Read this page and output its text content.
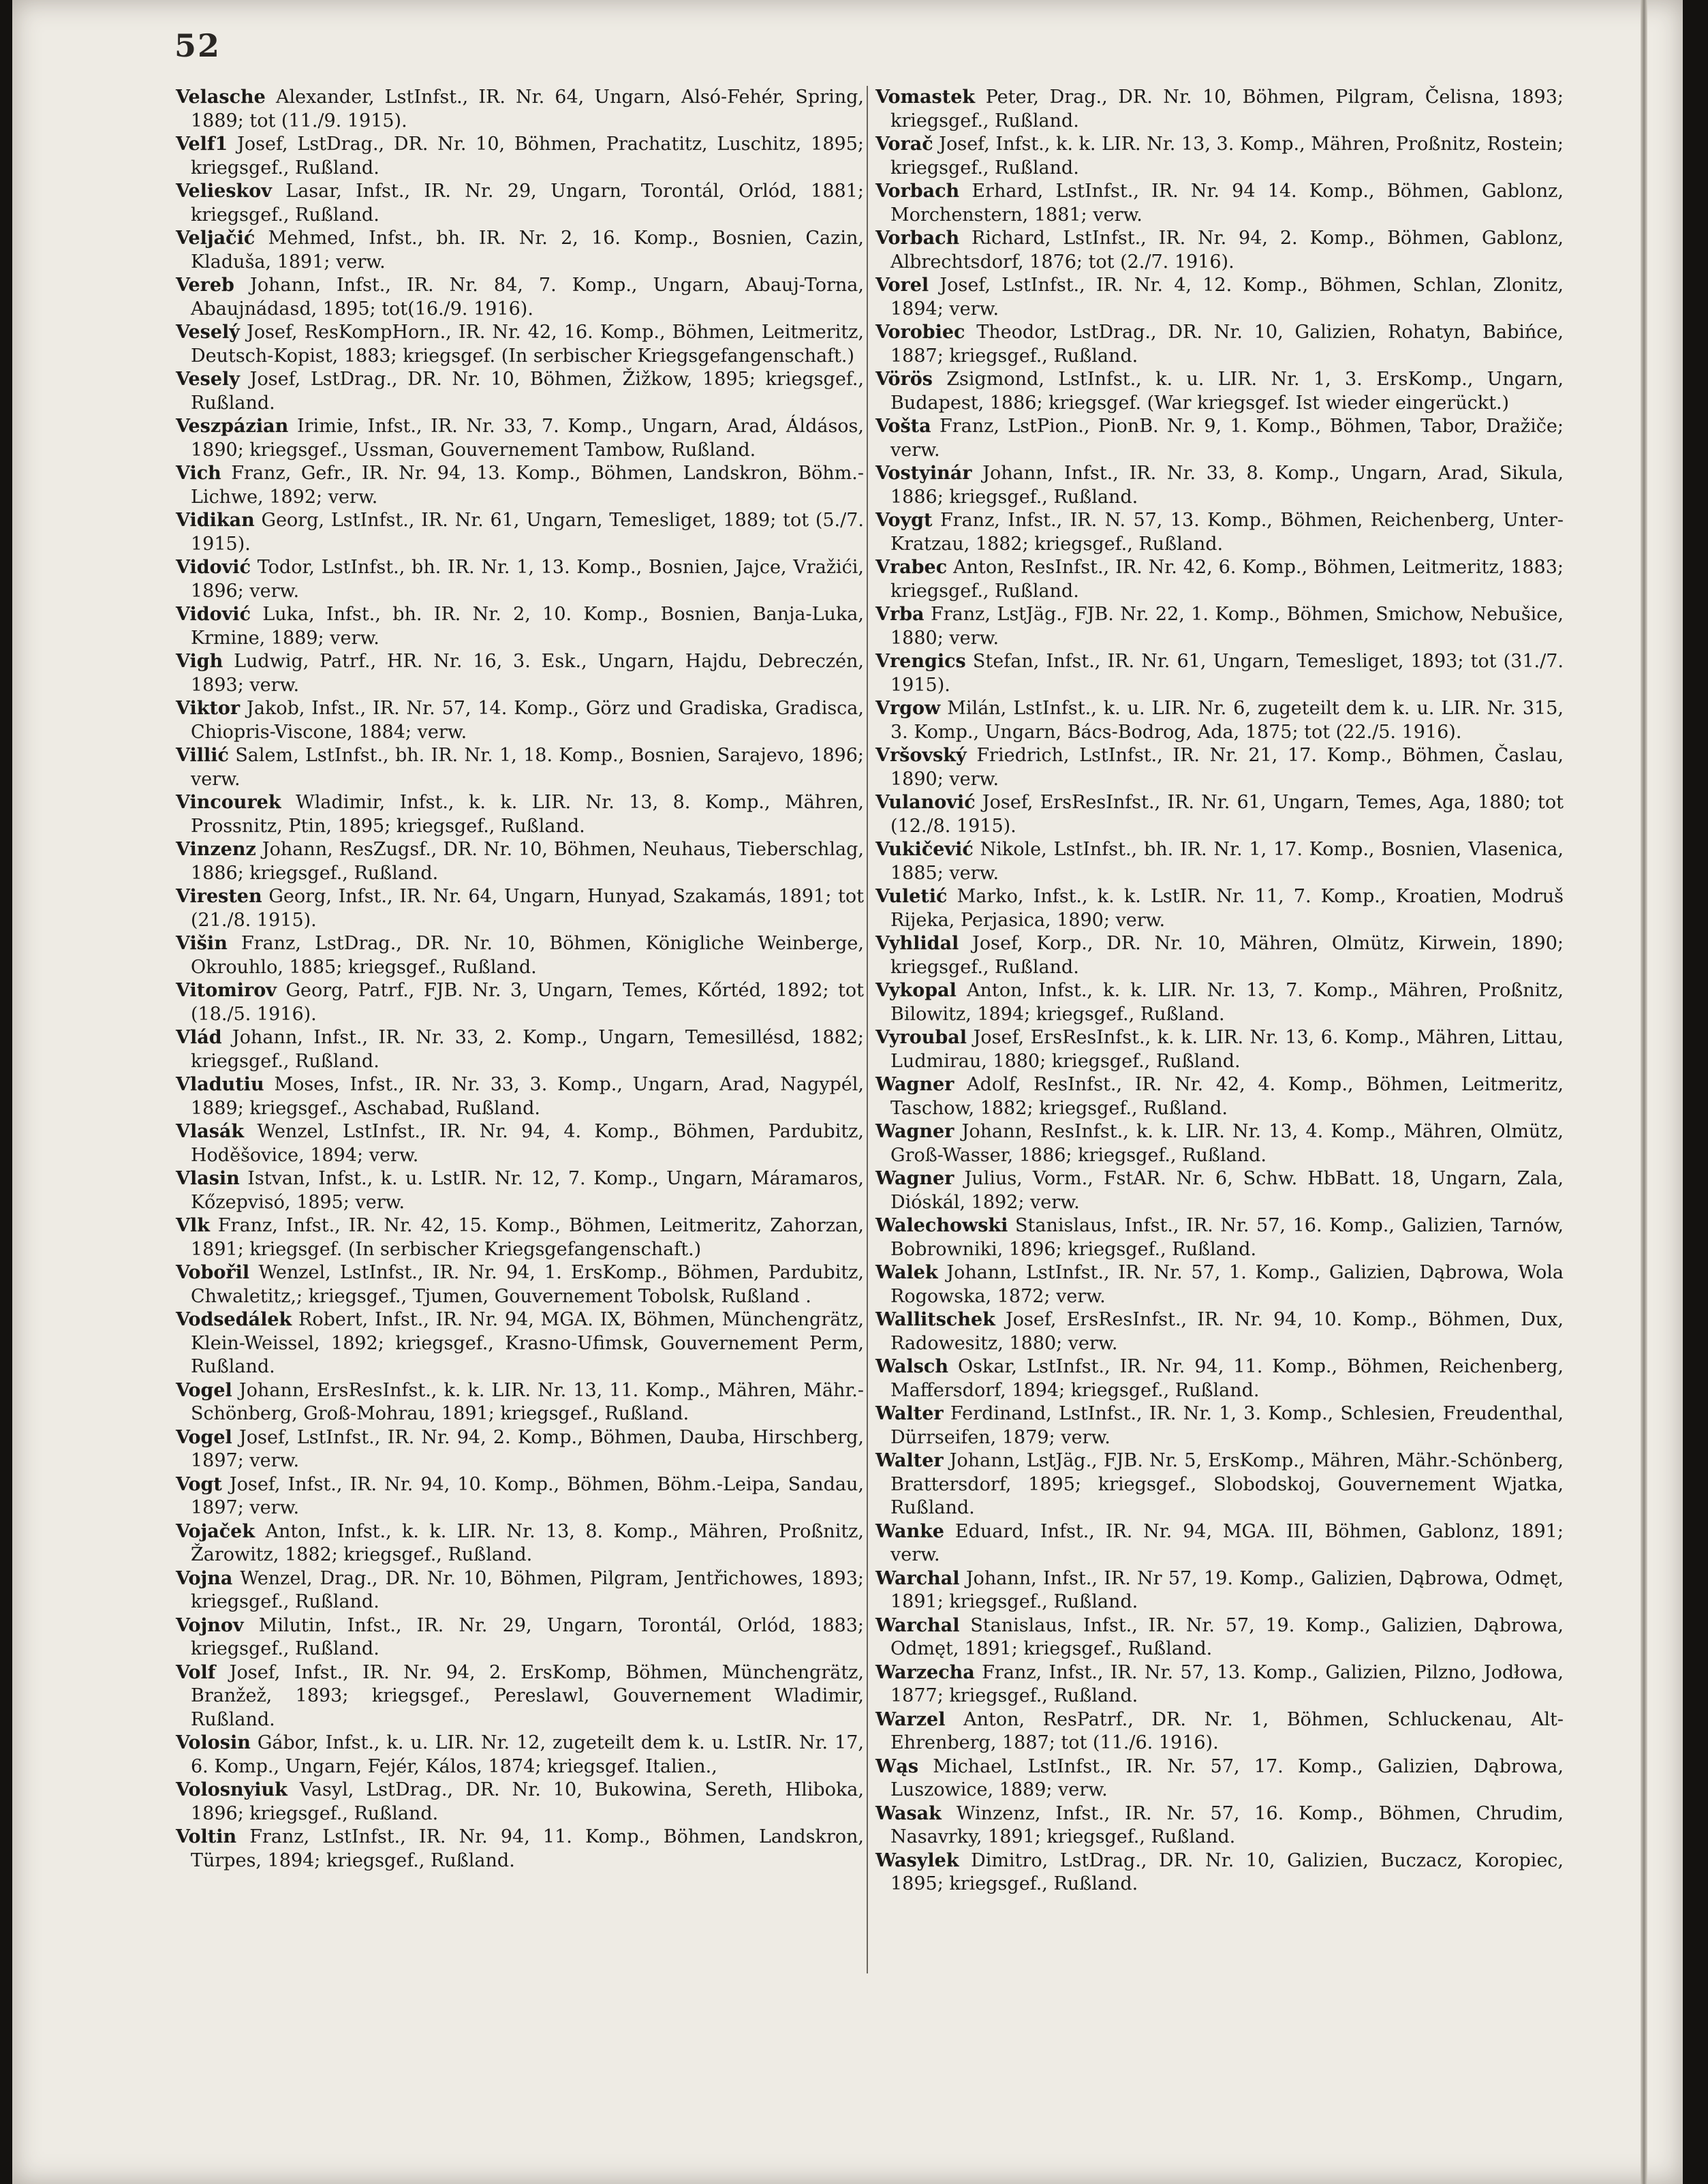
52

Velasche Alexander, LstInfst., IR. Nr. 64, Ungarn, Alsó-Fehér, Spring, 1889; tot (11./9. 1915).

Velf1 Josef, LstDrag., DR. Nr. 10, Böhmen, Prachatitz, Luschitz, 1895; kriegsgef., Rußland.

Velieskov Lasar, Infst., IR. Nr. 29, Ungarn, Torontál, Orlód, 1881; kriegsgef., Rußland.

Veljačić Mehmed, Infst., bh. IR. Nr. 2, 16. Komp., Bosnien, Cazin, Kladuša, 1891; verw.

Vereb Johann, Infst., IR. Nr. 84, 7. Komp., Ungarn, Abauj-Torna, Abaujnádasd, 1895; tot(16./9. 1916).

Veselý Josef, ResKompHorn., IR. Nr. 42, 16. Komp., Böhmen, Leitmeritz, Deutsch-Kopist, 1883; kriegsgef. (In serbischer Kriegsgefangenschaft.)

Vesely Josef, LstDrag., DR. Nr. 10, Böhmen, Žižkow, 1895; kriegsgef., Rußland.

Veszpázian Irimie, Infst., IR. Nr. 33, 7. Komp., Ungarn, Arad, Áldásos, 1890; kriegsgef., Ussman, Gouvernement Tambow, Rußland.

Vich Franz, Gefr., IR. Nr. 94, 13. Komp., Böhmen, Landskron, Böhm.-Lichwe, 1892; verw.

Vidikan Georg, LstInfst., IR. Nr. 61, Ungarn, Temesliget, 1889; tot (5./7. 1915).

Vidović Todor, LstInfst., bh. IR. Nr. 1, 13. Komp., Bosnien, Jajce, Vražići, 1896; verw.

Vidović Luka, Infst., bh. IR. Nr. 2, 10. Komp., Bosnien, Banja-Luka, Krmine, 1889; verw.

Vigh Ludwig, Patrf., HR. Nr. 16, 3. Esk., Ungarn, Hajdu, Debreczén, 1893; verw.

Viktor Jakob, Infst., IR. Nr. 57, 14. Komp., Görz und Gradiska, Gradisca, Chiopris-Viscone, 1884; verw.

Villić Salem, LstInfst., bh. IR. Nr. 1, 18. Komp., Bosnien, Sarajevo, 1896; verw.

Vincourek Wladimir, Infst., k. k. LIR. Nr. 13, 8. Komp., Mähren, Prossnitz, Ptin, 1895; kriegsgef., Rußland.

Vinzenz Johann, ResZugsf., DR. Nr. 10, Böhmen, Neuhaus, Tieberschlag, 1886; kriegsgef., Rußland.

Viresten Georg, Infst., IR. Nr. 64, Ungarn, Hunyad, Szakamás, 1891; tot (21./8. 1915).

Višin Franz, LstDrag., DR. Nr. 10, Böhmen, Königliche Weinberge, Okrouhlo, 1885; kriegsgef., Rußland.

Vitomirov Georg, Patrf., FJB. Nr. 3, Ungarn, Temes, Kőrtéd, 1892; tot (18./5. 1916).

Vlád Johann, Infst., IR. Nr. 33, 2. Komp., Ungarn, Temesillésd, 1882; kriegsgef., Rußland.

Vladutiu Moses, Infst., IR. Nr. 33, 3. Komp., Ungarn, Arad, Nagypél, 1889; kriegsgef., Aschabad, Rußland.

Vlasák Wenzel, LstInfst., IR. Nr. 94, 4. Komp., Böhmen, Pardubitz, Hoděšovice, 1894; verw.

Vlasin Istvan, Infst., k. u. LstIR. Nr. 12, 7. Komp., Ungarn, Máramaros, Kőzepvisó, 1895; verw.

Vlk Franz, Infst., IR. Nr. 42, 15. Komp., Böhmen, Leitmeritz, Zahorzan, 1891; kriegsgef. (In serbischer Kriegsgefangenschaft.)

Vobořil Wenzel, LstInfst., IR. Nr. 94, 1. ErsKomp., Böhmen, Pardubitz, Chwaletitz,; kriegsgef., Tjumen, Gouvernement Tobolsk, Rußland .

Vodsedálek Robert, Infst., IR. Nr. 94, MGA. IX, Böhmen, Münchengrätz, Klein-Weissel, 1892; kriegsgef., Krasno-Ufimsk, Gouvernement Perm, Rußland.

Vogel Johann, ErsResInfst., k. k. LIR. Nr. 13, 11. Komp., Mähren, Mähr.-Schönberg, Groß-Mohrau, 1891; kriegsgef., Rußland.

Vogel Josef, LstInfst., IR. Nr. 94, 2. Komp., Böhmen, Dauba, Hirschberg, 1897; verw.

Vogt Josef, Infst., IR. Nr. 94, 10. Komp., Böhmen, Böhm.-Leipa, Sandau, 1897; verw.

Vojaček Anton, Infst., k. k. LIR. Nr. 13, 8. Komp., Mähren, Proßnitz, Žarowitz, 1882; kriegsgef., Rußland.

Vojna Wenzel, Drag., DR. Nr. 10, Böhmen, Pilgram, Jentřichowes, 1893; kriegsgef., Rußland.

Vojnov Milutin, Infst., IR. Nr. 29, Ungarn, Torontál, Orlód, 1883; kriegsgef., Rußland.

Volf Josef, Infst., IR. Nr. 94, 2. ErsKomp, Böhmen, Münchengrätz, Branžež, 1893; kriegsgef., Pereslawl, Gouvernement Wladimir, Rußland.

Volosin Gábor, Infst., k. u. LIR. Nr. 12, zugeteilt dem k. u. LstIR. Nr. 17, 6. Komp., Ungarn, Fejér, Kálos, 1874; kriegsgef. Italien.,

Volosnyiuk Vasyl, LstDrag., DR. Nr. 10, Bukowina, Sereth, Hliboka, 1896; kriegsgef., Rußland.

Voltin Franz, LstInfst., IR. Nr. 94, 11. Komp., Böhmen, Landskron, Türpes, 1894; kriegsgef., Rußland.

Vomastek Peter, Drag., DR. Nr. 10, Böhmen, Pilgram, Čelisna, 1893; kriegsgef., Rußland.

Vorač Josef, Infst., k. k. LIR. Nr. 13, 3. Komp., Mähren, Proßnitz, Rostein; kriegsgef., Rußland.

Vorbach Erhard, LstInfst., IR. Nr. 94 14. Komp., Böhmen, Gablonz, Morchenstern, 1881; verw.

Vorbach Richard, LstInfst., IR. Nr. 94, 2. Komp., Böhmen, Gablonz, Albrechtsdorf, 1876; tot (2./7. 1916).

Vorel Josef, LstInfst., IR. Nr. 4, 12. Komp., Böhmen, Schlan, Zlonitz, 1894; verw.

Vorobiec Theodor, LstDrag., DR. Nr. 10, Galizien, Rohatyn, Babińce, 1887; kriegsgef., Rußland.

Vörös Zsigmond, LstInfst., k. u. LIR. Nr. 1, 3. ErsKomp., Ungarn, Budapest, 1886; kriegsgef. (War kriegsgef. Ist wieder eingerückt.)

Vošta Franz, LstPion., PionB. Nr. 9, 1. Komp., Böhmen, Tabor, Dražiče; verw.

Vostyinár Johann, Infst., IR. Nr. 33, 8. Komp., Ungarn, Arad, Sikula, 1886; kriegsgef., Rußland.

Voygt Franz, Infst., IR. N. 57, 13. Komp., Böhmen, Reichenberg, Unter-Kratzau, 1882; kriegsgef., Rußland.

Vrabec Anton, ResInfst., IR. Nr. 42, 6. Komp., Böhmen, Leitmeritz, 1883; kriegsgef., Rußland.

Vrba Franz, LstJäg., FJB. Nr. 22, 1. Komp., Böhmen, Smichow, Nebušice, 1880; verw.

Vrengics Stefan, Infst., IR. Nr. 61, Ungarn, Temesliget, 1893; tot (31./7. 1915).

Vrgow Milán, LstInfst., k. u. LIR. Nr. 6, zugeteilt dem k. u. LIR. Nr. 315, 3. Komp., Ungarn, Bács-Bodrog, Ada, 1875; tot (22./5. 1916).

Vršovský Friedrich, LstInfst., IR. Nr. 21, 17. Komp., Böhmen, Časlau, 1890; verw.

Vulanović Josef, ErsResInfst., IR. Nr. 61, Ungarn, Temes, Aga, 1880; tot (12./8. 1915).

Vukičević Nikole, LstInfst., bh. IR. Nr. 1, 17. Komp., Bosnien, Vlasenica, 1885; verw.

Vuletić Marko, Infst., k. k. LstIR. Nr. 11, 7. Komp., Kroatien, Modruš Rijeka, Perjasica, 1890; verw.

Vyhlidal Josef, Korp., DR. Nr. 10, Mähren, Olmütz, Kirwein, 1890; kriegsgef., Rußland.

Vykopal Anton, Infst., k. k. LIR. Nr. 13, 7. Komp., Mähren, Proßnitz, Bilowitz, 1894; kriegsgef., Rußland.

Vyroubal Josef, ErsResInfst., k. k. LIR. Nr. 13, 6. Komp., Mähren, Littau, Ludmirau, 1880; kriegsgef., Rußland.

Wagner Adolf, ResInfst., IR. Nr. 42, 4. Komp., Böhmen, Leitmeritz, Taschow, 1882; kriegsgef., Rußland.

Wagner Johann, ResInfst., k. k. LIR. Nr. 13, 4. Komp., Mähren, Olmütz, Groß-Wasser, 1886; kriegsgef., Rußland.

Wagner Julius, Vorm., FstAR. Nr. 6, Schw. HbBatt. 18, Ungarn, Zala, Dióskál, 1892; verw.

Walechowski Stanislaus, Infst., IR. Nr. 57, 16. Komp., Galizien, Tarnów, Bobrowniki, 1896; kriegsgef., Rußland.

Walek Johann, LstInfst., IR. Nr. 57, 1. Komp., Galizien, Dąbrowa, Wola Rogowska, 1872; verw.

Wallitschek Josef, ErsResInfst., IR. Nr. 94, 10. Komp., Böhmen, Dux, Radowesitz, 1880; verw.

Walsch Oskar, LstInfst., IR. Nr. 94, 11. Komp., Böhmen, Reichenberg, Maffersdorf, 1894; kriegsgef., Rußland.

Walter Ferdinand, LstInfst., IR. Nr. 1, 3. Komp., Schlesien, Freudenthal, Dürrseifen, 1879; verw.

Walter Johann, LstJäg., FJB. Nr. 5, ErsKomp., Mähren, Mähr.-Schönberg, Brattersdorf, 1895; kriegsgef., Slobodskoj, Gouvernement Wjatka, Rußland.

Wanke Eduard, Infst., IR. Nr. 94, MGA. III, Böhmen, Gablonz, 1891; verw.

Warchal Johann, Infst., IR. Nr 57, 19. Komp., Galizien, Dąbrowa, Odmęt, 1891; kriegsgef., Rußland.

Warchal Stanislaus, Infst., IR. Nr. 57, 19. Komp., Galizien, Dąbrowa, Odmęt, 1891; kriegsgef., Rußland.

Warzecha Franz, Infst., IR. Nr. 57, 13. Komp., Galizien, Pilzno, Jodłowa, 1877; kriegsgef., Rußland.

Warzel Anton, ResPatrf., DR. Nr. 1, Böhmen, Schluckenau, Alt-Ehrenberg, 1887; tot (11./6. 1916).

Wąs Michael, LstInfst., IR. Nr. 57, 17. Komp., Galizien, Dąbrowa, Luszowice, 1889; verw.

Wasak Winzenz, Infst., IR. Nr. 57, 16. Komp., Böhmen, Chrudim, Nasavrky, 1891; kriegsgef., Rußland.

Wasylek Dimitro, LstDrag., DR. Nr. 10, Galizien, Buczacz, Koropiec, 1895; kriegsgef., Rußland.
